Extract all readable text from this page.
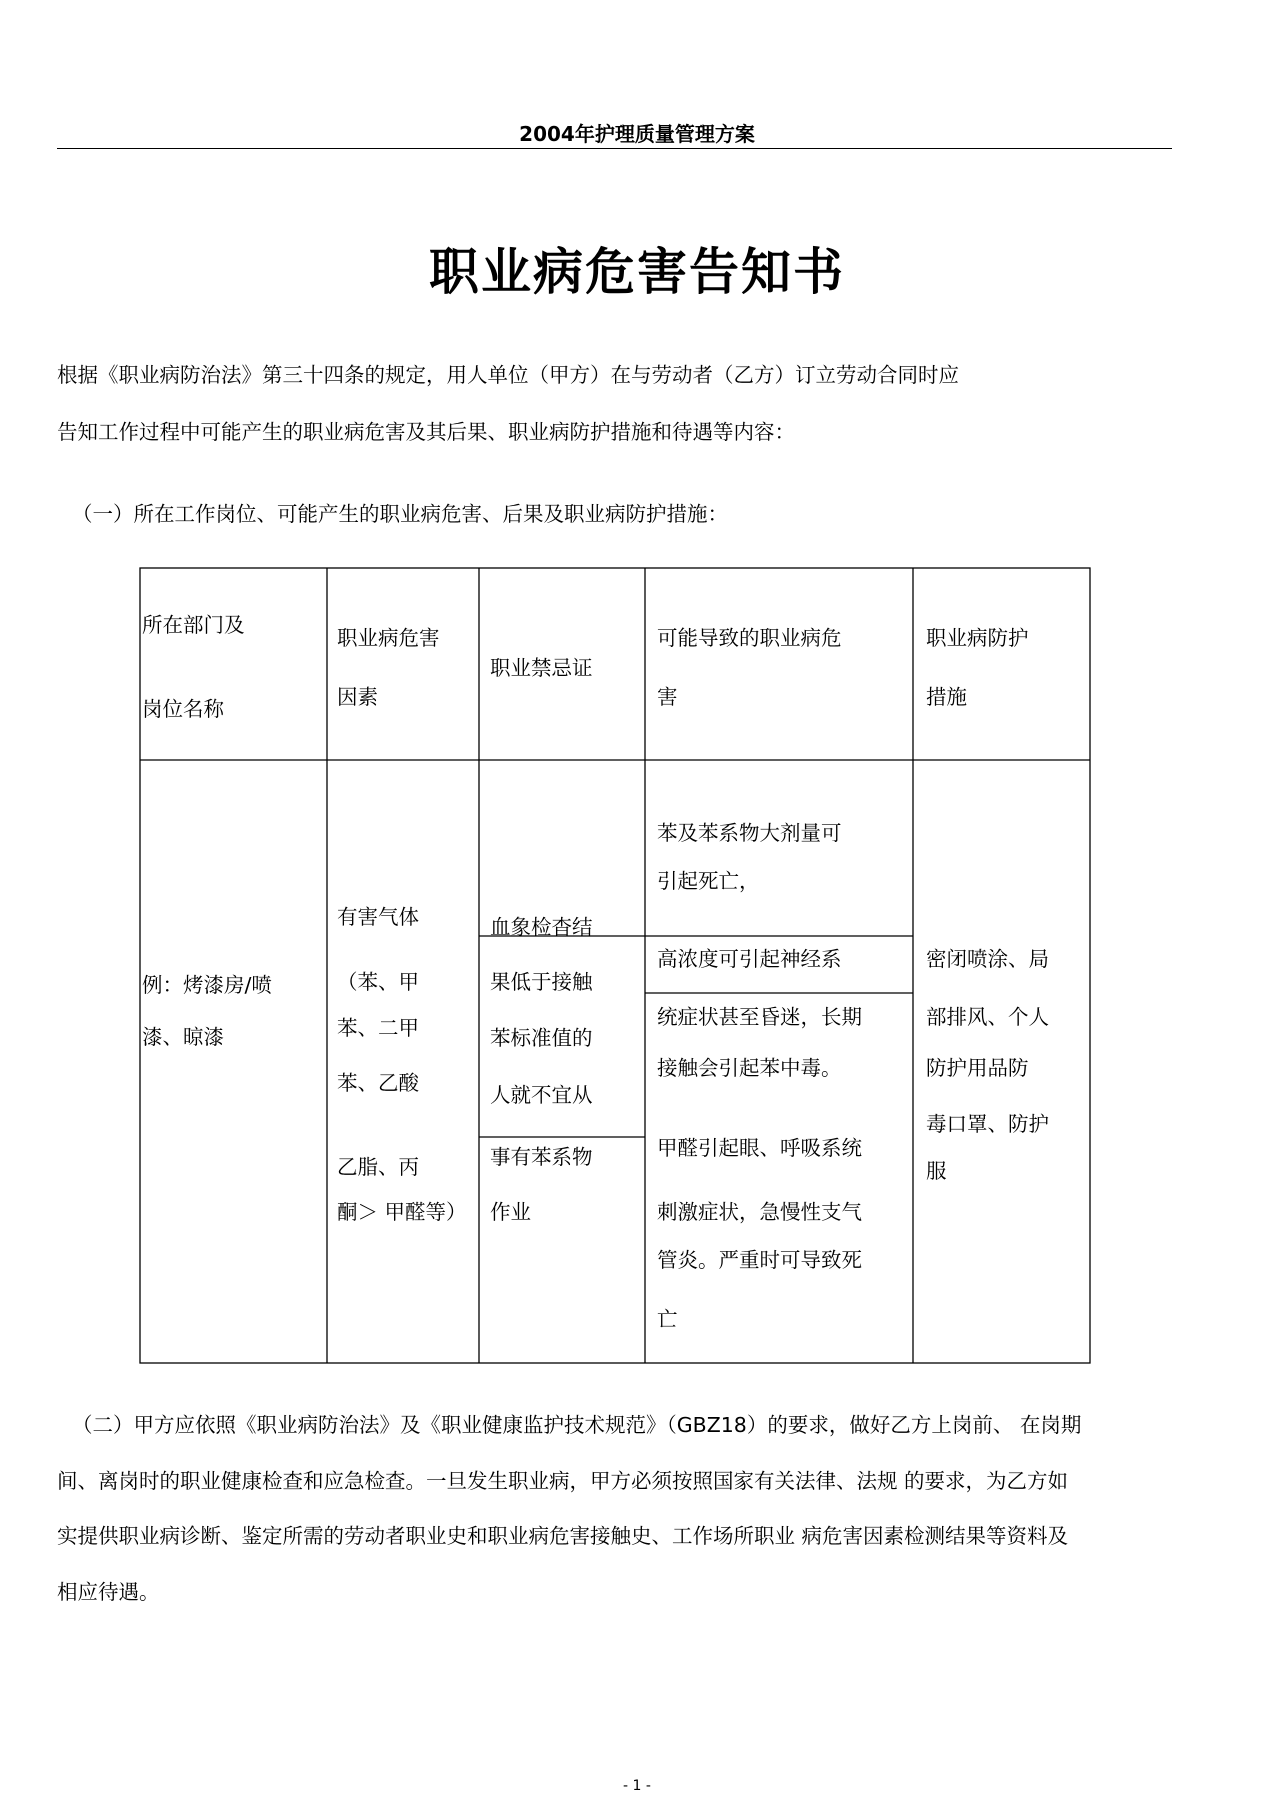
2004年护理质量管理方案
职业病危害告知书
根据《职业病防治法》第三十四条的规定，用人单位（甲方）在与劳动者（乙方）订立劳动合同时应
告知工作过程中可能产生的职业病危害及其后果、职业病防护措施和待遇等内容：
（一）所在工作岗位、可能产生的职业病危害、后果及职业病防护措施：
所在部门及
岗位名称
职业病危害
因素
职业禁忌证
可能导致的职业病危
害
职业病防护
措施
例：烤漆房/喷
漆、晾漆
有害气体
（苯、甲
苯、二甲
苯、乙酸
乙脂、丙
酮＞ 甲醛等）
血象检杳结
果低于接触
苯标准值的
人就不宜从
事有苯系物
作业
苯及苯系物大剂量可
引起死亡，
高浓度可引起神经系
统症状甚至昏迷，长期
接触会引起苯中毒。
甲醛引起眼、呼吸系统
刺激症状，急慢性支气
管炎。严重时可导致死
亡
密闭喷涂、局
部排风、个人
防护用品防
毒口罩、防护
服
（二）甲方应依照《职业病防治法》及《职业健康监护技术规范》（GBZ18）的要求，做好乙方上岗前、 在岗期
间、离岗时的职业健康检查和应急检查。一旦发生职业病，甲方必须按照国家有关法律、法规 的要求，为乙方如
实提供职业病诊断、鉴定所需的劳动者职业史和职业病危害接触史、工作场所职业 病危害因素检测结果等资料及
相应待遇。
- 1 -
